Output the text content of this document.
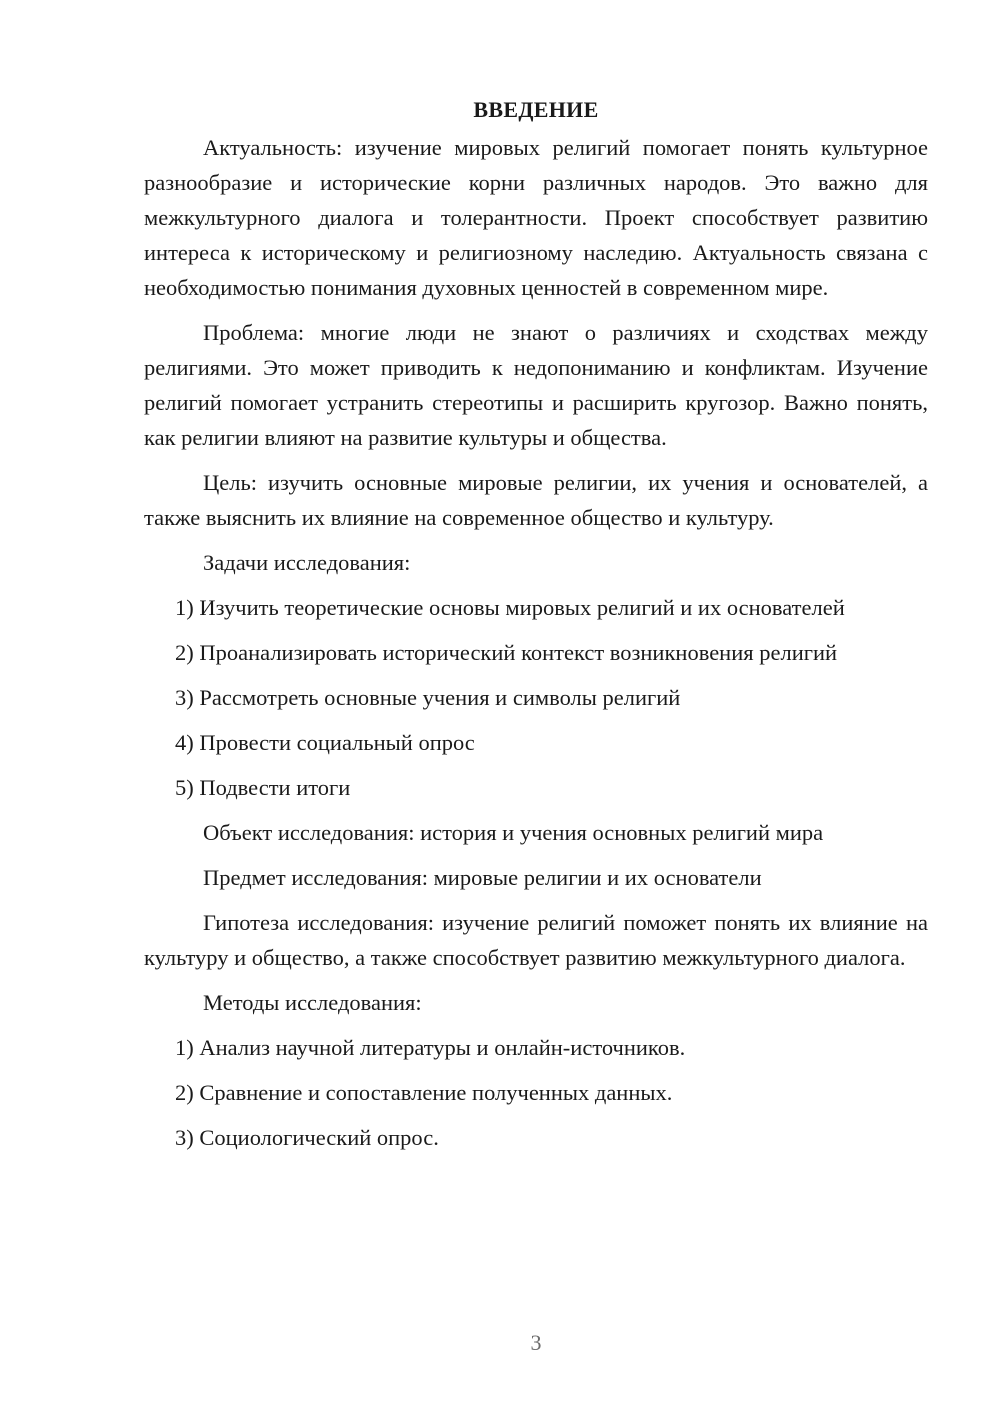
ВВЕДЕНИЕ

Актуальность: изучение мировых религий помогает понять культурное разнообразие и исторические корни различных народов. Это важно для межкультурного диалога и толерантности. Проект способствует развитию интереса к историческому и религиозному наследию. Актуальность связана с необходимостью понимания духовных ценностей в современном мире.

Проблема: многие люди не знают о различиях и сходствах между религиями. Это может приводить к недопониманию и конфликтам. Изучение религий помогает устранить стереотипы и расширить кругозор. Важно понять, как религии влияют на развитие культуры и общества.

Цель: изучить основные мировые религии, их учения и основателей, а также выяснить их влияние на современное общество и культуру.

Задачи исследования:

1) Изучить теоретические основы мировых религий и их основателей

2) Проанализировать исторический контекст возникновения религий

3) Рассмотреть основные учения и символы религий

4) Провести социальный опрос

5) Подвести итоги

Объект исследования: история и учения основных религий мира

Предмет исследования: мировые религии и их основатели

Гипотеза исследования: изучение религий поможет понять их влияние на культуру и общество, а также способствует развитию межкультурного диалога.

Методы исследования:

1) Анализ научной литературы и онлайн-источников.

2) Сравнение и сопоставление полученных данных.

3) Социологический опрос.

3
